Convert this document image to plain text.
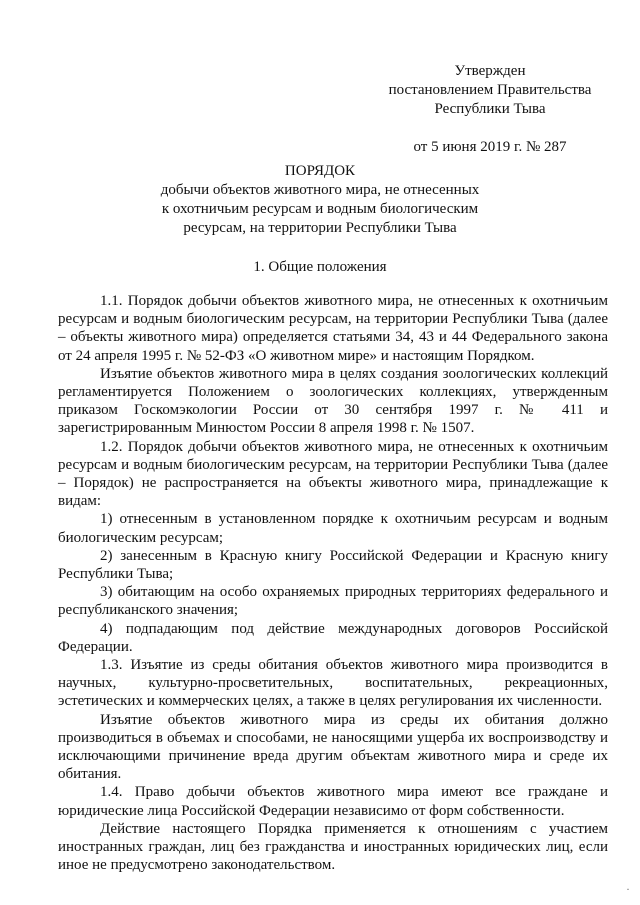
Утвержден
постановлением Правительства
Республики Тыва
от 5 июня 2019 г. № 287
ПОРЯДОК
добычи объектов животного мира, не отнесенных
к охотничьим ресурсам и водным биологическим
ресурсам, на территории Республики Тыва
1. Общие положения

1.1. Порядок добычи объектов животного мира, не отнесенных к охотничьим ресурсам и водным биологическим ресурсам, на территории Республики Тыва (далее – объекты животного мира) определяется статьями 34, 43 и 44 Федерального закона от 24 апреля 1995 г. № 52-ФЗ «О животном мире» и настоящим Порядком.

Изъятие объектов животного мира в целях создания зоологических коллекций регламентируется Положением о зоологических коллекциях, утвержденным приказом Госкомэкологии России от 30 сентября 1997 г. № 411 и зарегистрированным Минюстом России 8 апреля 1998 г. № 1507.

1.2. Порядок добычи объектов животного мира, не отнесенных к охотничьим ресурсам и водным биологическим ресурсам, на территории Республики Тыва (далее – Порядок) не распространяется на объекты животного мира, принадлежащие к видам:

1) отнесенным в установленном порядке к охотничьим ресурсам и водным биологическим ресурсам;

2) занесенным в Красную книгу Российской Федерации и Красную книгу Республики Тыва;

3) обитающим на особо охраняемых природных территориях федерального и республиканского значения;

4) подпадающим под действие международных договоров Российской Федерации.

1.3. Изъятие из среды обитания объектов животного мира производится в научных, культурно-просветительных, воспитательных, рекреационных, эстетических и коммерческих целях, а также в целях регулирования их численности.

Изъятие объектов животного мира из среды их обитания должно производиться в объемах и способами, не наносящими ущерба их воспроизводству и исключающими причинение вреда другим объектам животного мира и среде их обитания.

1.4. Право добычи объектов животного мира имеют все граждане и юридические лица Российской Федерации независимо от форм собственности.

Действие настоящего Порядка применяется к отношениям с участием иностранных граждан, лиц без гражданства и иностранных юридических лиц, если иное не предусмотрено законодательством.

·
